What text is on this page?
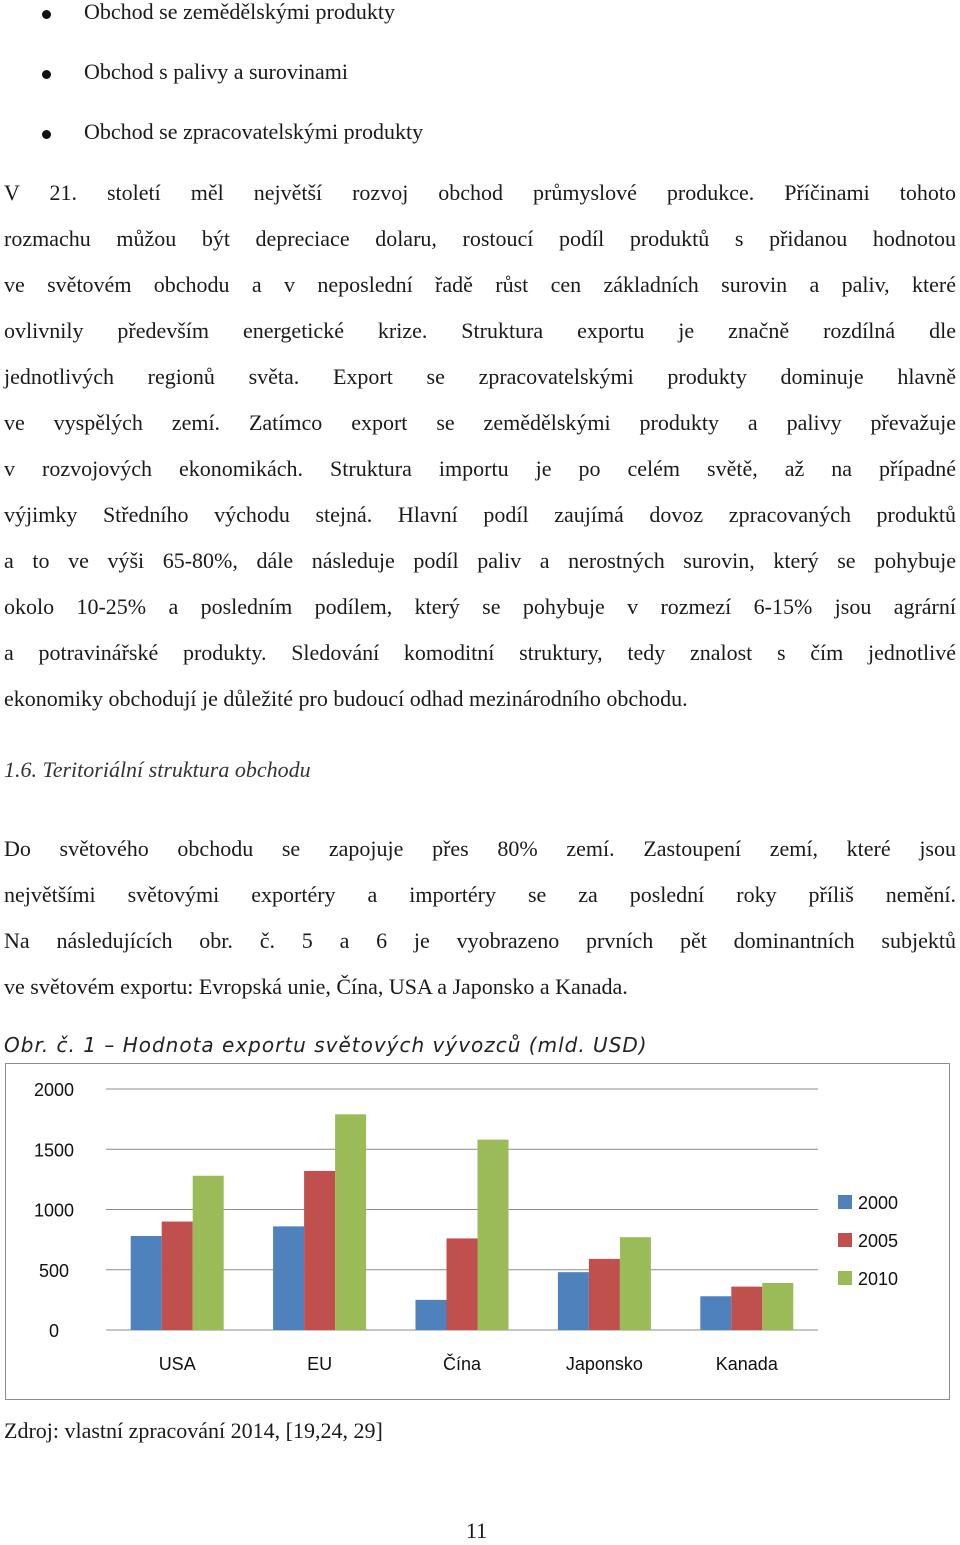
Obchod se zemědělskými produkty
Obchod s palivy a surovinami
Obchod se zpracovatelskými produkty
V 21. století měl největší rozvoj obchod průmyslové produkce. Příčinami tohoto
rozmachu můžou být depreciace dolaru, rostoucí podíl produktů s přidanou hodnotou
ve světovém obchodu a v neposlední řadě růst cen základních surovin a paliv, které
ovlivnily především energetické krize. Struktura exportu je značně rozdílná dle
jednotlivých regionů světa. Export se zpracovatelskými produkty dominuje hlavně
ve vyspělých zemí. Zatímco export se zemědělskými produkty a palivy převažuje
v rozvojových ekonomikách. Struktura importu je po celém světě, až na případné
výjimky Středního východu stejná. Hlavní podíl zaujímá dovoz zpracovaných produktů
a to ve výši 65-80%, dále následuje podíl paliv a nerostných surovin, který se pohybuje
okolo 10-25% a posledním podílem, který se pohybuje v rozmezí 6-15% jsou agrární
a potravinářské produkty. Sledování komoditní struktury, tedy znalost s čím jednotlivé
ekonomiky obchodují je důležité pro budoucí odhad mezinárodního obchodu.
1.6. Teritoriální struktura obchodu
Do světového obchodu se zapojuje přes 80% zemí. Zastoupení zemí, které jsou
největšími světovými exportéry a importéry se za poslední roky příliš nemění.
Na následujících obr. č. 5 a 6 je vyobrazeno prvních pět dominantních subjektů
ve světovém exportu: Evropská unie, Čína, USA a Japonsko a Kanada.
Obr. č. 1 – Hodnota exportu světových vývozců (mld. USD)
0
500
1000
1500
2000
USA	EU	Čína	Japonsko	Kanada
2000
2005
2010
Zdroj: vlastní zpracování 2014, [19,24, 29]
11
